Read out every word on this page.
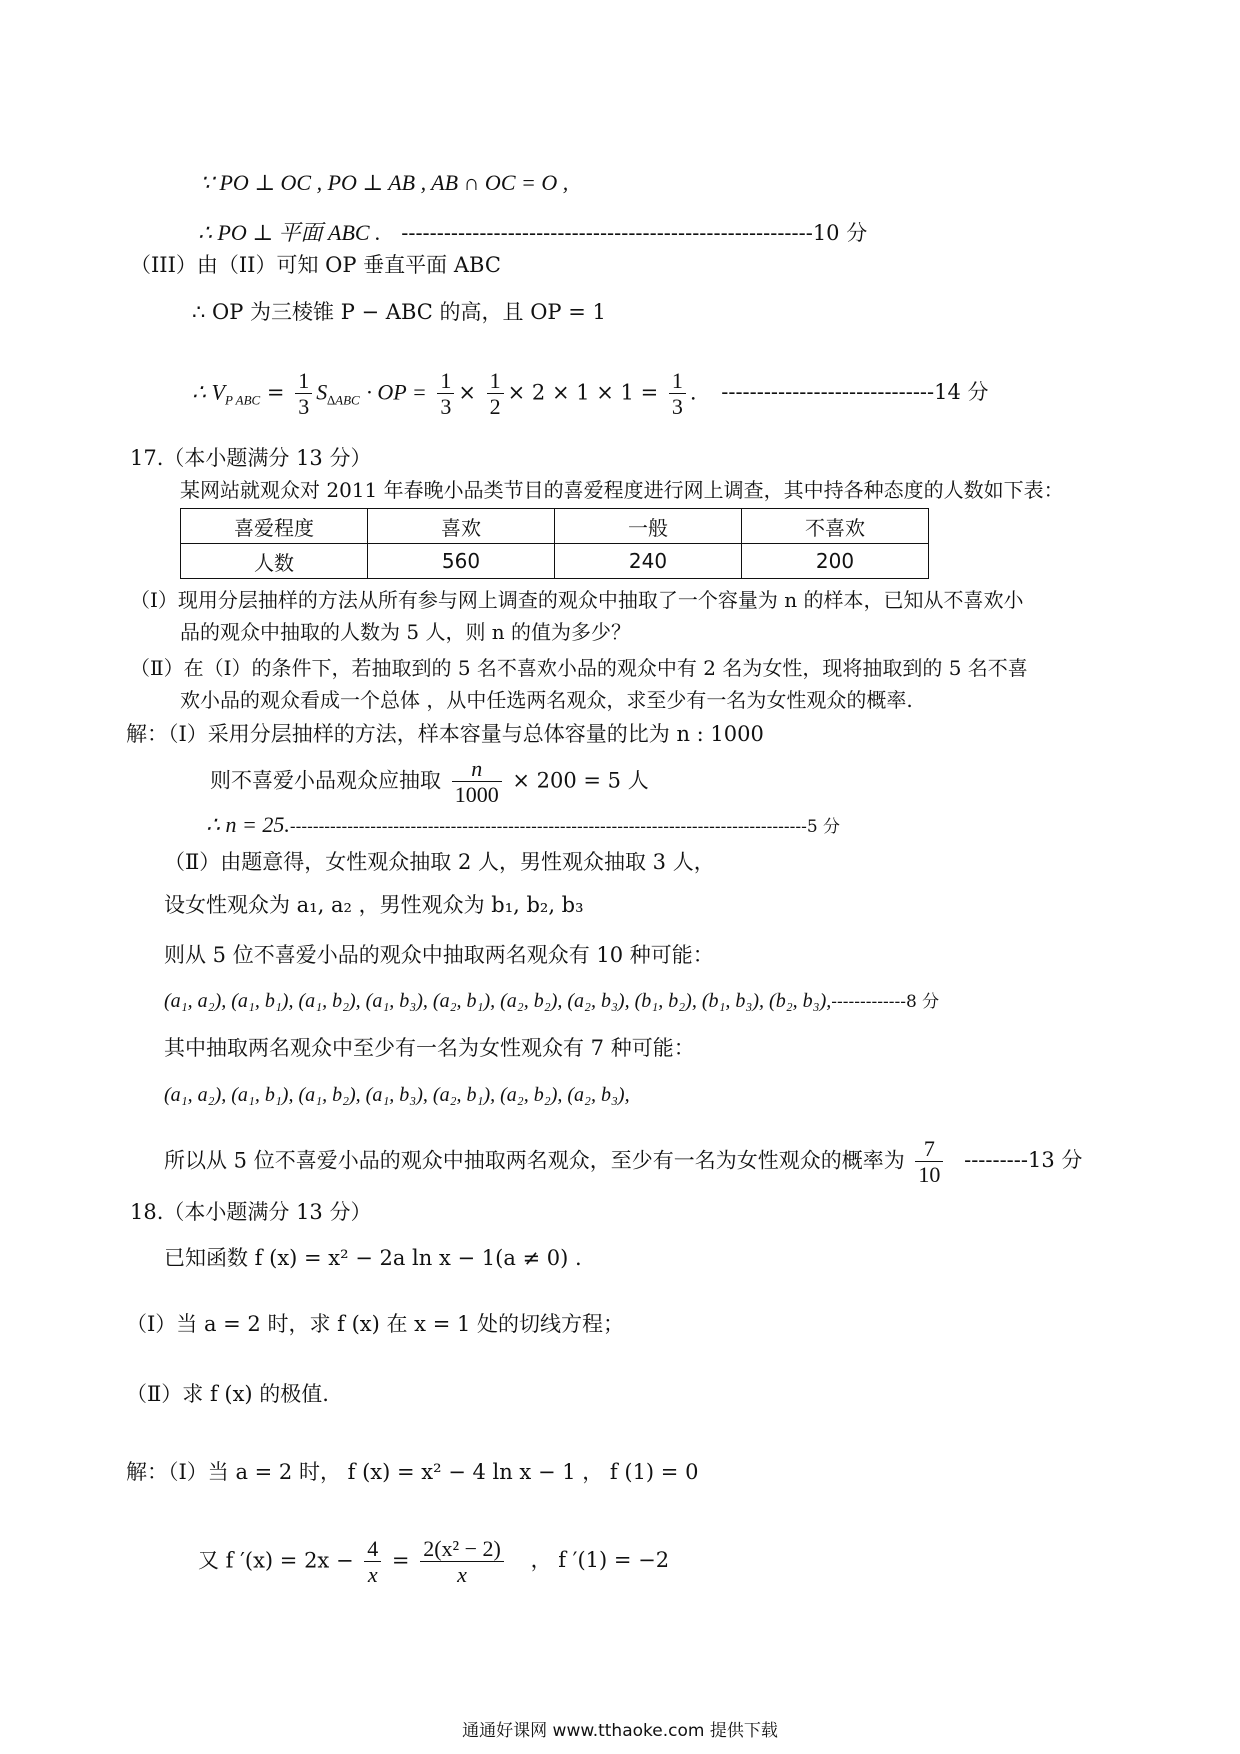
∵ PO ⊥ OC , PO ⊥ AB , AB ∩ OC = O ,
∴ PO ⊥ 平面 ABC . ----------------------------------------------------------10 分
（III）由（II）可知 OP 垂直平面 ABC
∴ OP 为三棱锥 P − ABC 的高，且 OP = 1
∴ $V_{P ABC} = \frac{1}{3} S_{\Delta ABC}$ · OP = $\frac{1}{3} \times \frac{1}{2} \times 2 \times 1 \times 1 = \frac{1}{3}$ . ------------------------------14 分
17.（本小题满分 13 分）
某网站就观众对 2011 年春晚小品类节目的喜爱程度进行网上调查，其中持各种态度的人数如下表：
喜爱程度	喜欢	一般	不喜欢
人数	560	240	200
（Ⅰ）现用分层抽样的方法从所有参与网上调查的观众中抽取了一个容量为 n 的样本，已知从不喜欢小
品的观众中抽取的人数为 5 人，则 n 的值为多少？
（Ⅱ）在（Ⅰ）的条件下，若抽取到的 5 名不喜欢小品的观众中有 2 名为女性，现将抽取到的 5 名不喜
欢小品的观众看成一个总体 ，从中任选两名观众，求至少有一名为女性观众的概率.
解：（Ⅰ）采用分层抽样的方法，样本容量与总体容量的比为 n : 1000
则不喜爱小品观众应抽取 $\frac{n}{1000} \times 200 = 5$ 人
∴ n = 25.------------------------------------------------------------------------------------------5 分
（Ⅱ）由题意得，女性观众抽取 2 人，男性观众抽取 3 人，
设女性观众为 a₁, a₂ ，男性观众为 b₁, b₂, b₃
则从 5 位不喜爱小品的观众中抽取两名观众有 10 种可能：
(a₁, a₂), (a₁, b₁), (a₁, b₂), (a₁, b₃), (a₂, b₁), (a₂, b₂), (a₂, b₃), (b₁, b₂), (b₁, b₃), (b₂, b₃),-------------8 分
其中抽取两名观众中至少有一名为女性观众有 7 种可能：
(a₁, a₂), (a₁, b₁), (a₁, b₂), (a₁, b₃), (a₂, b₁), (a₂, b₂), (a₂, b₃),
所以从 5 位不喜爱小品的观众中抽取两名观众，至少有一名为女性观众的概率为 $\frac{7}{10} ---------13$ 分
18.（本小题满分 13 分）
已知函数 f (x) = x² − 2a ln x − 1(a ≠ 0) .
（Ⅰ）当 a = 2 时，求 f (x) 在 x = 1 处的切线方程；
（Ⅱ）求 f (x) 的极值.
解：（Ⅰ）当 a = 2 时， f (x) = x² − 4 ln x − 1 ， f (1) = 0
又 f $'(x) = 2x - \frac{4}{x} = \frac{\text{2(x² − 2)}}{x}$ ， f ′(1) = −2
通通好课网 www.tthaoke.com 提供下载
